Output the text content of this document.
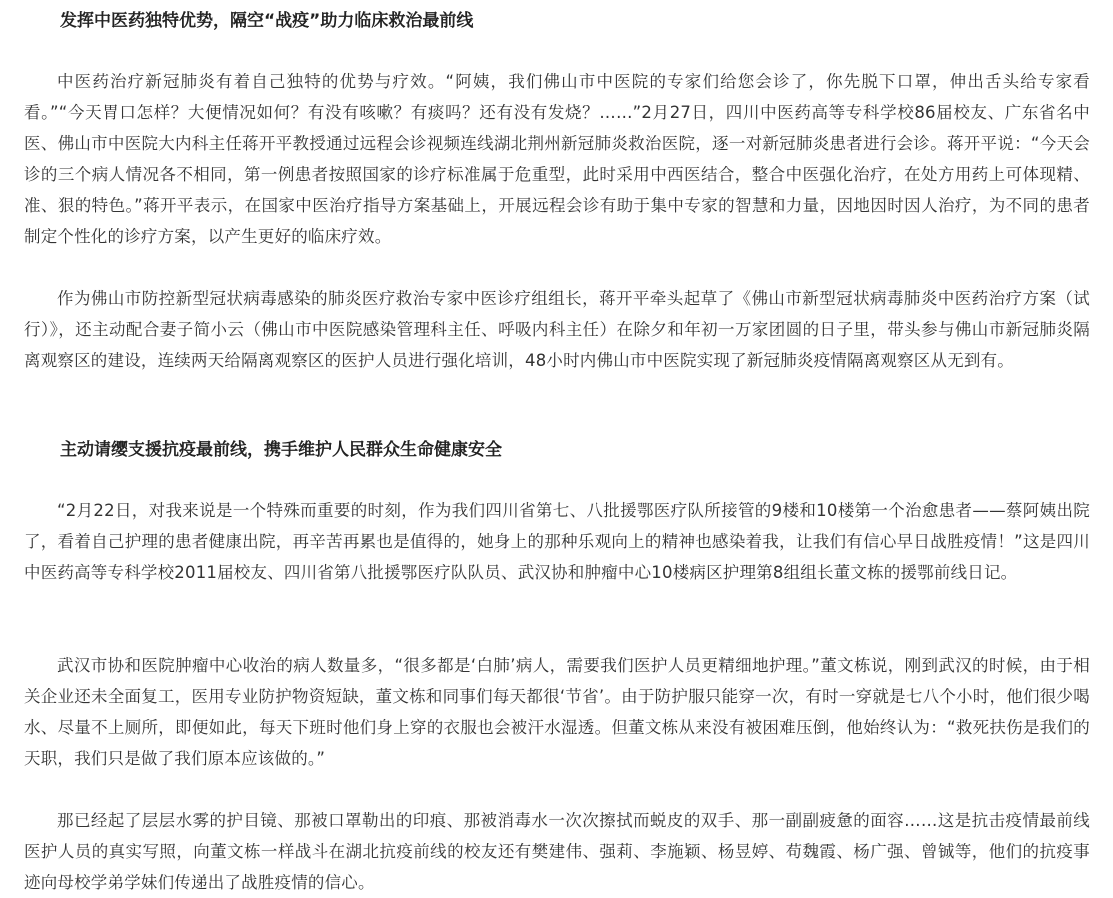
发挥中医药独特优势，隔空“战疫”助力临床救治最前线

中医药治疗新冠肺炎有着自己独特的优势与疗效。“阿姨，我们佛山市中医院的专家们给您会诊了，你先脱下口罩，伸出舌头给专家看看。”“今天胃口怎样？大便情况如何？有没有咳嗽？有痰吗？还有没有发烧？……”2月27日，四川中医药高等专科学校86届校友、广东省名中医、佛山市中医院大内科主任蒋开平教授通过远程会诊视频连线湖北荆州新冠肺炎救治医院，逐一对新冠肺炎患者进行会诊。蒋开平说：“今天会诊的三个病人情况各不相同，第一例患者按照国家的诊疗标准属于危重型，此时采用中西医结合，整合中医强化治疗，在处方用药上可体现精、准、狠的特色。”蒋开平表示，在国家中医治疗指导方案基础上，开展远程会诊有助于集中专家的智慧和力量，因地因时因人治疗，为不同的患者制定个性化的诊疗方案，以产生更好的临床疗效。

作为佛山市防控新型冠状病毒感染的肺炎医疗救治专家中医诊疗组组长，蒋开平牵头起草了《佛山市新型冠状病毒肺炎中医药治疗方案（试行）》，还主动配合妻子简小云（佛山市中医院感染管理科主任、呼吸内科主任）在除夕和年初一万家团圆的日子里，带头参与佛山市新冠肺炎隔离观察区的建设，连续两天给隔离观察区的医护人员进行强化培训，48小时内佛山市中医院实现了新冠肺炎疫情隔离观察区从无到有。

主动请缨支援抗疫最前线，携手维护人民群众生命健康安全

“2月22日，对我来说是一个特殊而重要的时刻，作为我们四川省第七、八批援鄂医疗队所接管的9楼和10楼第一个治愈患者——蔡阿姨出院了，看着自己护理的患者健康出院，再辛苦再累也是值得的，她身上的那种乐观向上的精神也感染着我，让我们有信心早日战胜疫情！”这是四川中医药高等专科学校2011届校友、四川省第八批援鄂医疗队队员、武汉协和肿瘤中心10楼病区护理第8组组长董文栋的援鄂前线日记。

武汉市协和医院肿瘤中心收治的病人数量多，“很多都是‘白肺’病人，需要我们医护人员更精细地护理。”董文栋说，刚到武汉的时候，由于相关企业还未全面复工，医用专业防护物资短缺，董文栋和同事们每天都很‘节省’。由于防护服只能穿一次，有时一穿就是七八个小时，他们很少喝水、尽量不上厕所，即便如此，每天下班时他们身上穿的衣服也会被汗水湿透。但董文栋从来没有被困难压倒，他始终认为：“救死扶伤是我们的天职，我们只是做了我们原本应该做的。”

那已经起了层层水雾的护目镜、那被口罩勒出的印痕、那被消毒水一次次擦拭而蜕皮的双手、那一副副疲惫的面容……这是抗击疫情最前线医护人员的真实写照，向董文栋一样战斗在湖北抗疫前线的校友还有樊建伟、强莉、李施颖、杨昱婷、苟魏霞、杨广强、曾铖等，他们的抗疫事迹向母校学弟学妹们传递出了战胜疫情的信心。
